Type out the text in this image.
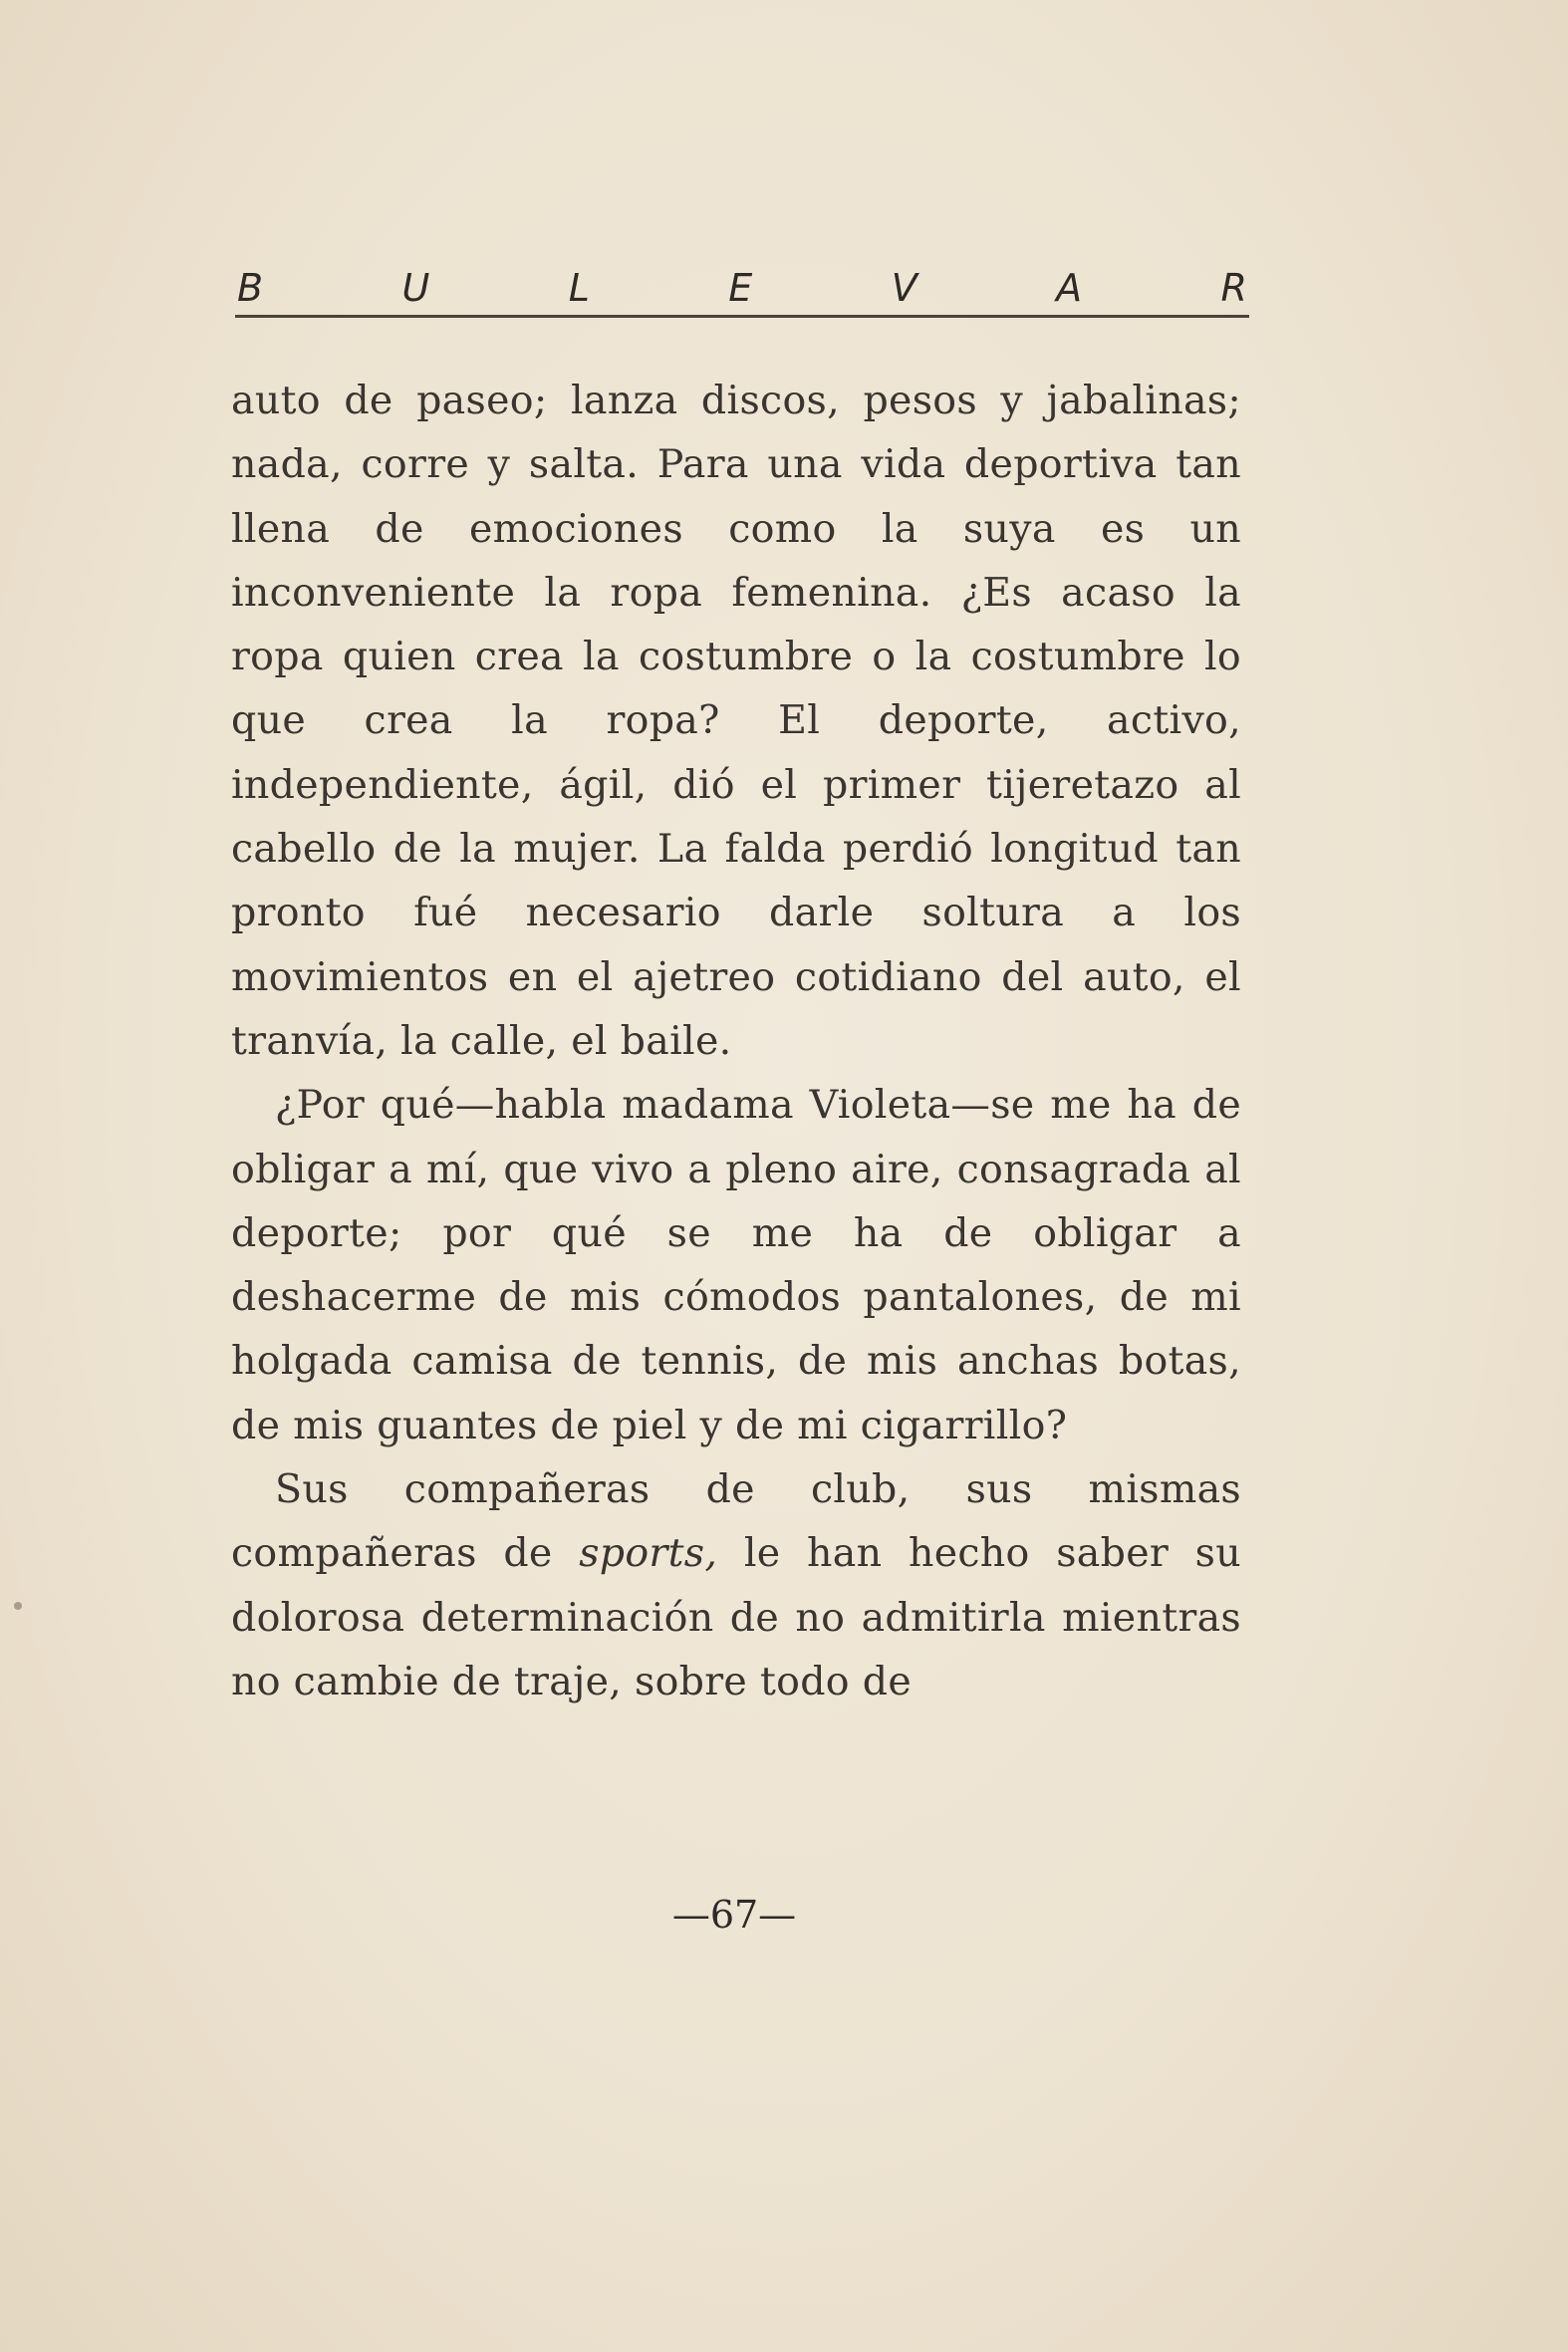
B	U	L	E	V	A	R

auto de paseo; lanza discos, pesos y jabalinas; nada, corre y salta. Para una vida deportiva tan llena de emociones como la suya es un inconveniente la ropa femenina. ¿Es acaso la ropa quien crea la costumbre o la costumbre lo que crea la ropa? El deporte, activo, independiente, ágil, dió el primer tijeretazo al cabello de la mujer. La falda perdió longitud tan pronto fué necesario darle soltura a los movimientos en el ajetreo cotidiano del auto, el tranvía, la calle, el baile.

¿Por qué—habla madama Violeta—se me ha de obligar a mí, que vivo a pleno aire, consagrada al deporte; por qué se me ha de obligar a deshacerme de mis cómodos pantalones, de mi holgada camisa de tennis, de mis anchas botas, de mis guantes de piel y de mi cigarrillo?

Sus compañeras de club, sus mismas compañeras de sports, le han hecho saber su dolorosa determinación de no admitirla mientras no cambie de traje, sobre todo de

—67—
